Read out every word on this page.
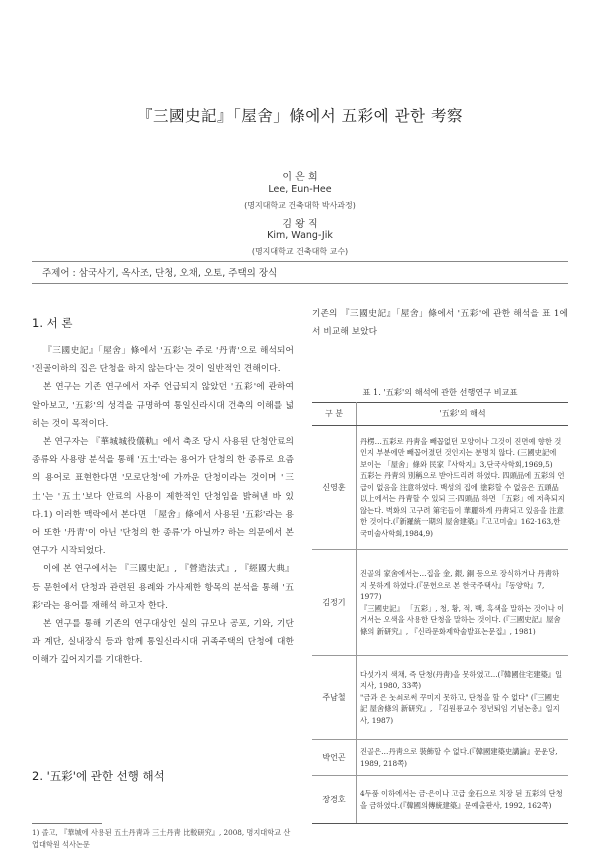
『三國史記』「屋舍」條에서 五彩에 관한 考察
이 은 희
Lee, Eun-Hee
(명지대학교 건축대학 박사과정)
김 왕 직
Kim, Wang-Jik
(명지대학교 건축대학 교수)
주제어 : 삼국사기, 옥사조, 단청, 오채, 오토, 주택의 장식
1. 서 론

『三國史記』「屋舍」條에서 '五彩'는 주로 '丹靑'으로 해석되어 '진골이하의 집은 단청을 하지 않는다'는 것이 일반적인 견해이다.

본 연구는 기존 연구에서 자주 언급되지 않았던 '五彩'에 관하여 알아보고, '五彩'의 성격을 규명하여 통일신라시대 건축의 이해를 넓히는 것이 목적이다.

본 연구자는 『華城城役儀軌』에서 축조 당시 사용된 단청안료의 종류와 사용량 분석을 통해 '五土'라는 용어가 단청의 한 종류로 요즘의 용어로 표현한다면 '모로단청'에 가까운 단청이라는 것이며 '三土'는 '五土'보다 안료의 사용이 제한적인 단청임을 밝혀낸 바 있다.1) 이러한 맥락에서 본다면 「屋舍」條에서 사용된 '五彩'라는 용어 또한 '丹靑'이 아닌 '단청의 한 종류'가 아닐까? 하는 의문에서 본 연구가 시작되었다.

이에 본 연구에서는 『三國史記』, 『營造法式』, 『經國大典』 등 문헌에서 단청과 관련된 용례와 가사제한 항목의 분석을 통해 '五彩'라는 용어를 재해석 하고자 한다.

본 연구를 통해 기존의 연구대상인 실의 규모나 공포, 기와, 기단과 계단, 실내장식 등과 함께 통일신라시대 귀족주택의 단청에 대한 이해가 깊어지기를 기대한다.

2. '五彩'에 관한 선행 해석
1) 졸고, 『華城에 사용된 五土丹靑과 三土丹靑 比較研究』, 2008, 명지대학교 산업대학원 석사논문

기존의 『三國史記』「屋舍」條에서 '五彩'에 관한 해석을 표 1에서 비교해 보았다

표 1. '五彩'의 해석에 관한 선행연구 비교표
구 분	'五彩'의 해석
신영훈	丹楞…五彩로 丹靑을 빼꼽없던 모양이나 그것이 진면예 향한 것인지 부분에만 빼꼽어졌던 것인지는 분명치 않다. (三國史記에 보이는 「屋舍」條와 民家『사학지』3,단국사학회,1969,5)
五彩는 丹靑의 別稱으로 받아드리려 하였다. 四頭品에 五彩의 언급이 없음을 注意하였다. 백성의 집에 塗彩할 수 없음은 五頭品 以上에서는 丹靑할 수 있되 三·四頭品 하면 「五彩」에 저촉되지 않는다. 벽화의 고구려 第宅들이 華麗하게 丹靑되고 있음을 注意한 것이다.(『新羅統一期의 屋舍建築』『고고미술』162·163,한국미술사학회,1984,9)
김정기	진골의 家舍에서는…집을 金, 銀, 銅 등으로 장식하거나 丹靑하지 못하게 하였다.(『문헌으로 본 한국주택사』『동양학』7, 1977)
『三國史記』 「五彩」, 청, 황, 적, 백, 흑색을 말하는 것이나 이거서는 오색을 사용한 단청을 말하는 것이다. (『三國史記』屋舍條의 新研究』, 『신라문화제학술발표논문집』, 1981)
주남철	다섯가지 색채, 즉 단청(丹靑)을 못하였고...(『韓國住宅建築』일지사, 1980, 33쪽)
"금과 은 놋쇠로써 꾸미지 못하고, 단청을 할 수 없다" (『三國史記 屋舍條의 新研究』, 『김원룡교수 정년퇴임 기념논총』일지사, 1987)
박언곤	진골은…丹靑으로 裝飾할 수 없다.(『韓國建築史講論』문운당, 1989, 218쪽)
장경호	4두품 이하에서는 금·은이나 고급 金石으로 치장 된 五彩의 단청을 금하였다.(『韓國의傳統建築』문예출판사, 1992, 162쪽)
